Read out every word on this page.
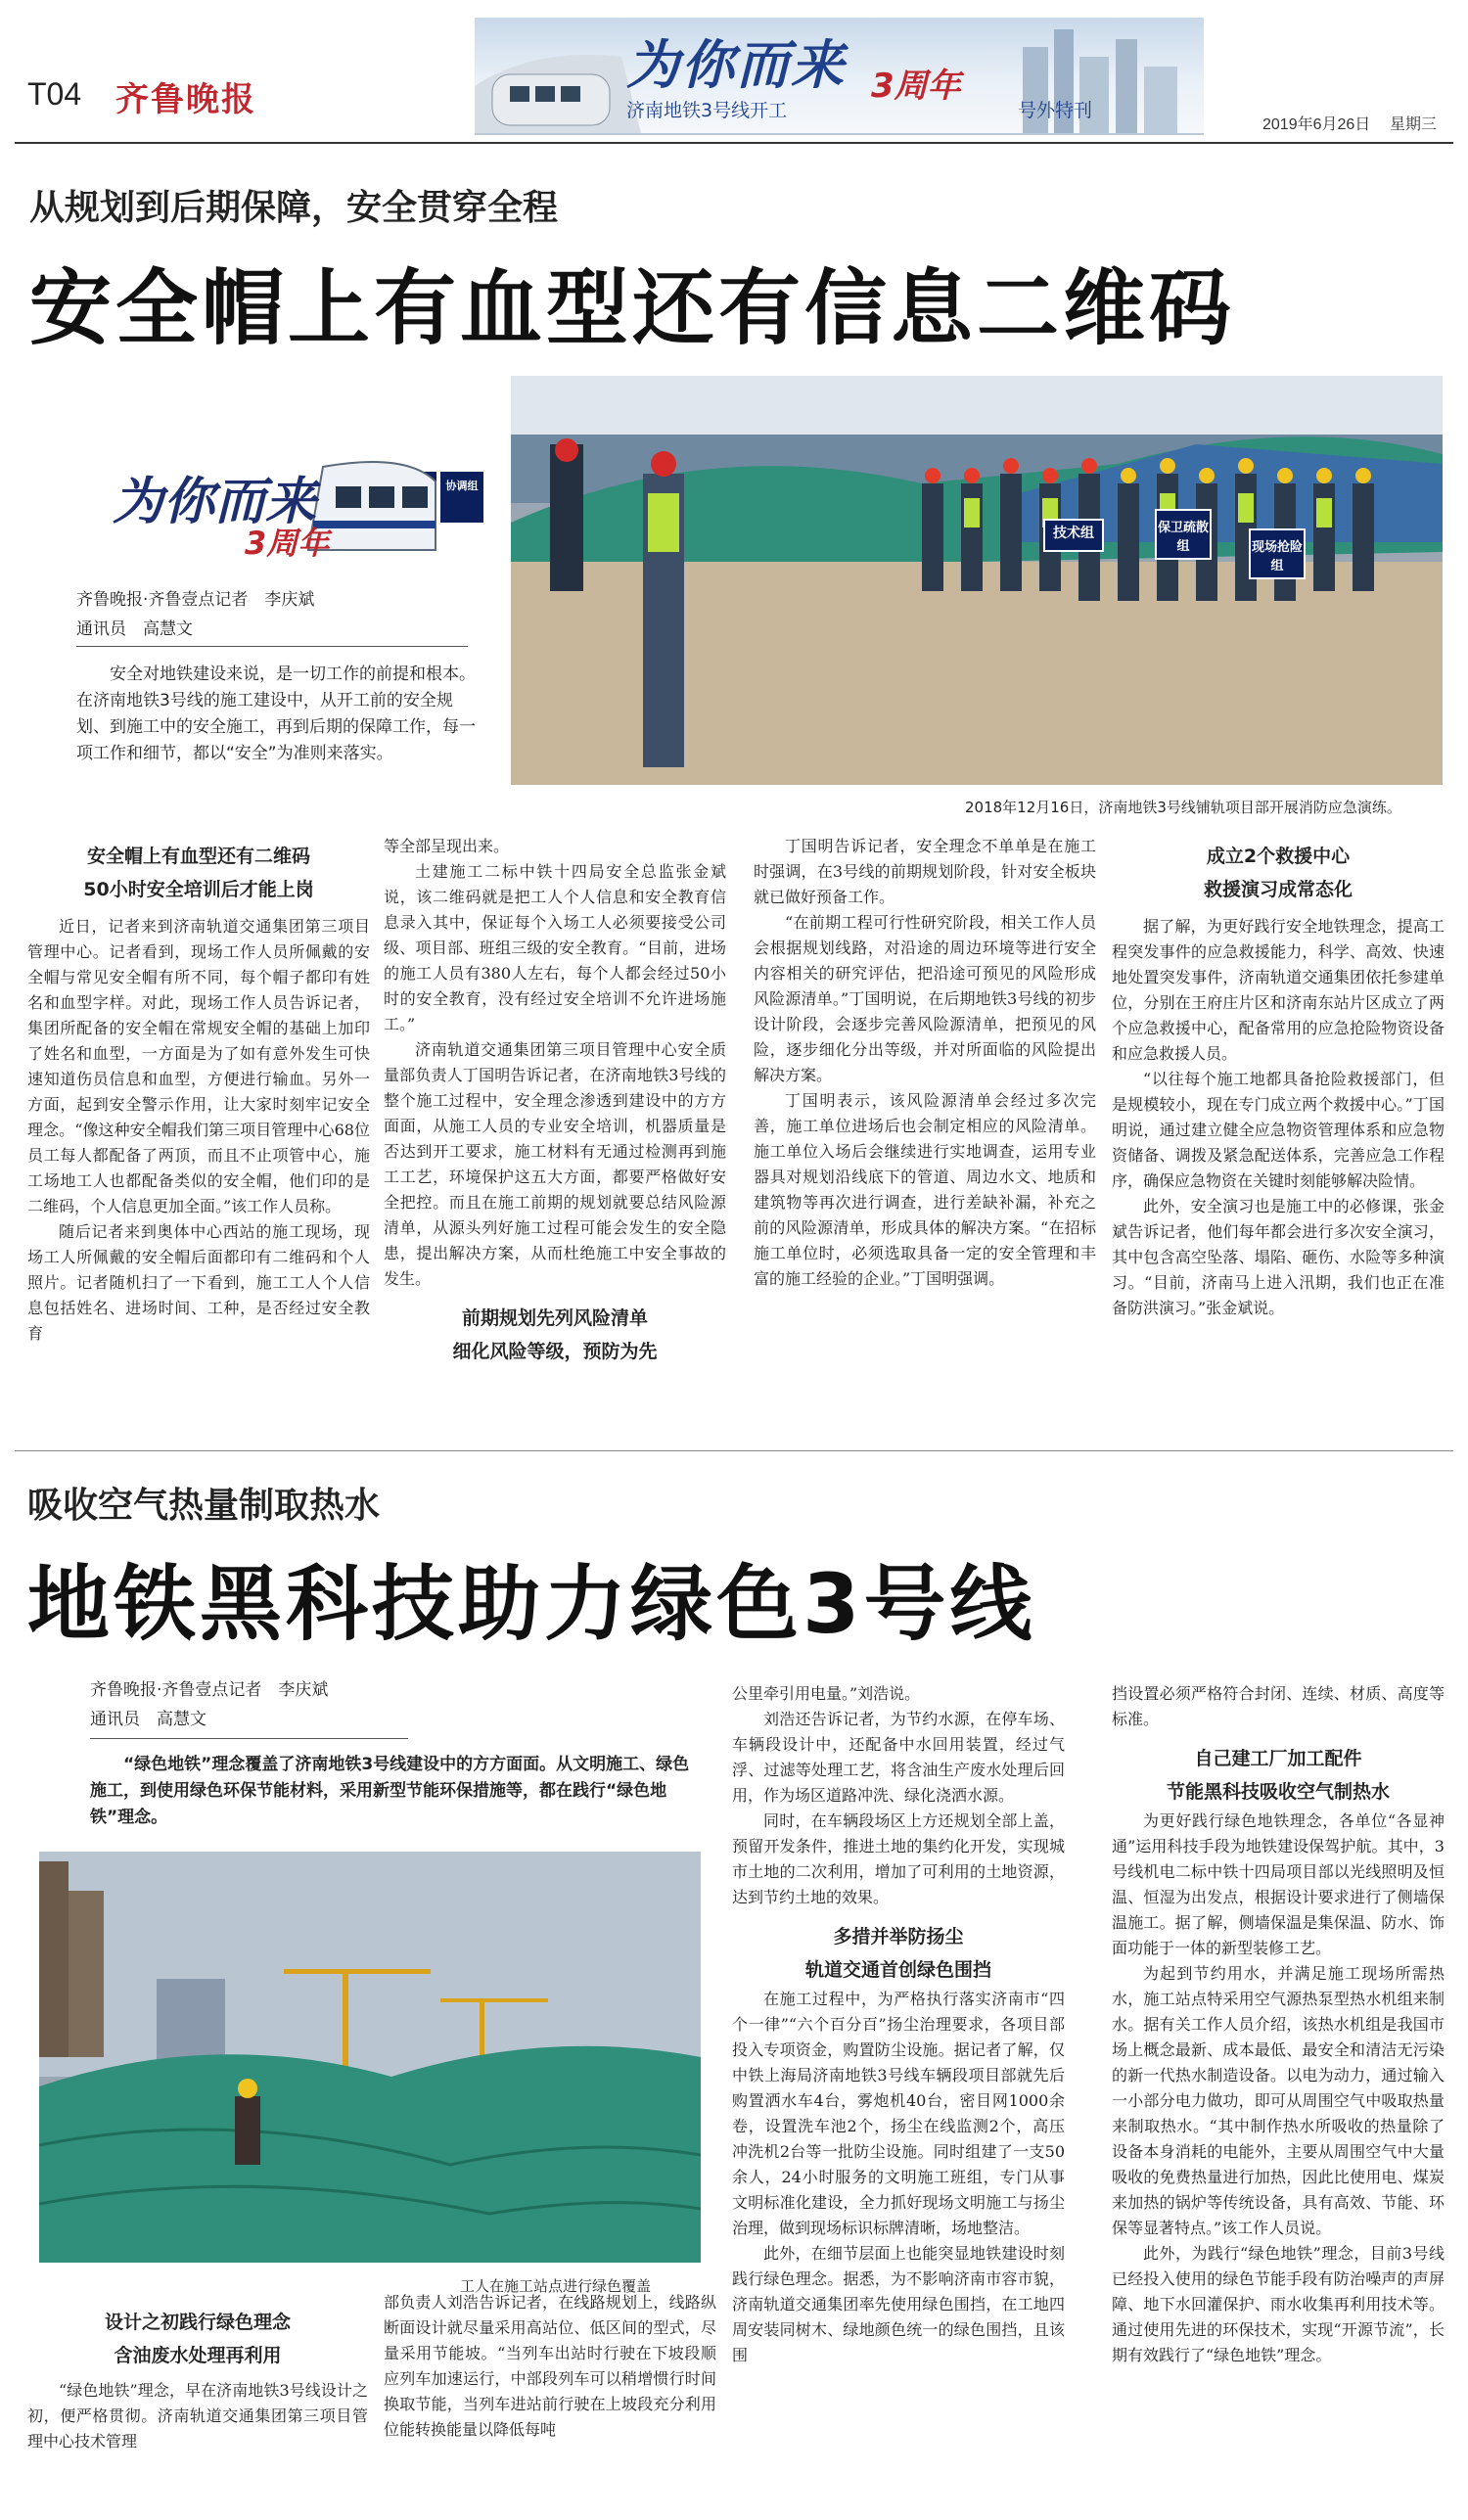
T04 齐鲁晚报
为你而来 3周年
济南地铁3号线开工	号外特刊
2019年6月26日 星期三
从规划到后期保障，安全贯穿全程
安全帽上有血型还有信息二维码
协调组
技术组	保卫疏散组	现场抢险组
2018年12月16日，济南地铁3号线铺轨项目部开展消防应急演练。
为你而来
3周年
齐鲁晚报·齐鲁壹点记者　李庆斌
通讯员　高慧文
安全对地铁建设来说，是一切工作的前提和根本。在济南地铁3号线的施工建设中，从开工前的安全规划、到施工中的安全施工，再到后期的保障工作，每一项工作和细节，都以“安全”为准则来落实。
安全帽上有血型还有二维码
50小时安全培训后才能上岗

近日，记者来到济南轨道交通集团第三项目管理中心。记者看到，现场工作人员所佩戴的安全帽与常见安全帽有所不同，每个帽子都印有姓名和血型字样。对此，现场工作人员告诉记者，集团所配备的安全帽在常规安全帽的基础上加印了姓名和血型，一方面是为了如有意外发生可快速知道伤员信息和血型，方便进行输血。另外一方面，起到安全警示作用，让大家时刻牢记安全理念。“像这种安全帽我们第三项目管理中心68位员工每人都配备了两顶，而且不止项管中心，施工场地工人也都配备类似的安全帽，他们印的是二维码，个人信息更加全面。”该工作人员称。

随后记者来到奥体中心西站的施工现场，现场工人所佩戴的安全帽后面都印有二维码和个人照片。记者随机扫了一下看到，施工工人个人信息包括姓名、进场时间、工种，是否经过安全教育

等全部呈现出来。

土建施工二标中铁十四局安全总监张金斌说，该二维码就是把工人个人信息和安全教育信息录入其中，保证每个入场工人必须要接受公司级、项目部、班组三级的安全教育。“目前，进场的施工人员有380人左右，每个人都会经过50小时的安全教育，没有经过安全培训不允许进场施工。”

济南轨道交通集团第三项目管理中心安全质量部负责人丁国明告诉记者，在济南地铁3号线的整个施工过程中，安全理念渗透到建设中的方方面面，从施工人员的专业安全培训，机器质量是否达到开工要求，施工材料有无通过检测再到施工工艺，环境保护这五大方面，都要严格做好安全把控。而且在施工前期的规划就要总结风险源清单，从源头列好施工过程可能会发生的安全隐患，提出解决方案，从而杜绝施工中安全事故的发生。

前期规划先列风险清单
细化风险等级，预防为先

丁国明告诉记者，安全理念不单单是在施工时强调，在3号线的前期规划阶段，针对安全板块就已做好预备工作。

“在前期工程可行性研究阶段，相关工作人员会根据规划线路，对沿途的周边环境等进行安全内容相关的研究评估，把沿途可预见的风险形成风险源清单。”丁国明说，在后期地铁3号线的初步设计阶段，会逐步完善风险源清单，把预见的风险，逐步细化分出等级，并对所面临的风险提出解决方案。

丁国明表示，该风险源清单会经过多次完善，施工单位进场后也会制定相应的风险清单。施工单位入场后会继续进行实地调查，运用专业器具对规划沿线底下的管道、周边水文、地质和建筑物等再次进行调查，进行差缺补漏，补充之前的风险源清单，形成具体的解决方案。“在招标施工单位时，必须选取具备一定的安全管理和丰富的施工经验的企业。”丁国明强调。

成立2个救援中心
救援演习成常态化

据了解，为更好践行安全地铁理念，提高工程突发事件的应急救援能力，科学、高效、快速地处置突发事件，济南轨道交通集团依托参建单位，分别在王府庄片区和济南东站片区成立了两个应急救援中心，配备常用的应急抢险物资设备和应急救援人员。

“以往每个施工地都具备抢险救援部门，但是规模较小，现在专门成立两个救援中心。”丁国明说，通过建立健全应急物资管理体系和应急物资储备、调拨及紧急配送体系，完善应急工作程序，确保应急物资在关键时刻能够解决险情。

此外，安全演习也是施工中的必修课，张金斌告诉记者，他们每年都会进行多次安全演习，其中包含高空坠落、塌陷、砸伤、水险等多种演习。“目前，济南马上进入汛期，我们也正在准备防洪演习。”张金斌说。

吸收空气热量制取热水
地铁黑科技助力绿色3号线
齐鲁晚报·齐鲁壹点记者　李庆斌
通讯员　高慧文
“绿色地铁”理念覆盖了济南地铁3号线建设中的方方面面。从文明施工、绿色施工，到使用绿色环保节能材料，采用新型节能环保措施等，都在践行“绿色地铁”理念。
工人在施工站点进行绿色覆盖
设计之初践行绿色理念
含油废水处理再利用

“绿色地铁”理念，早在济南地铁3号线设计之初，便严格贯彻。济南轨道交通集团第三项目管理中心技术管理

部负责人刘浩告诉记者，在线路规划上，线路纵断面设计就尽量采用高站位、低区间的型式，尽量采用节能坡。“当列车出站时行驶在下坡段顺应列车加速运行，中部段列车可以稍增惯行时间换取节能，当列车进站前行驶在上坡段充分利用位能转换能量以降低每吨
公里牵引用电量。”刘浩说。

刘浩还告诉记者，为节约水源，在停车场、车辆段设计中，还配备中水回用装置，经过气浮、过滤等处理工艺，将含油生产废水处理后回用，作为场区道路冲洗、绿化浇洒水源。

同时，在车辆段场区上方还规划全部上盖，预留开发条件，推进土地的集约化开发，实现城市土地的二次利用，增加了可利用的土地资源，达到节约土地的效果。

多措并举防扬尘
轨道交通首创绿色围挡

在施工过程中，为严格执行落实济南市“四个一律”“六个百分百”扬尘治理要求，各项目部投入专项资金，购置防尘设施。据记者了解，仅中铁上海局济南地铁3号线车辆段项目部就先后购置洒水车4台，雾炮机40台，密目网1000余卷，设置洗车池2个，扬尘在线监测2个，高压冲洗机2台等一批防尘设施。同时组建了一支50余人，24小时服务的文明施工班组，专门从事文明标准化建设，全力抓好现场文明施工与扬尘治理，做到现场标识标牌清晰，场地整洁。

此外，在细节层面上也能突显地铁建设时刻践行绿色理念。据悉，为不影响济南市容市貌，济南轨道交通集团率先使用绿色围挡，在工地四周安装同树木、绿地颜色统一的绿色围挡，且该围

挡设置必须严格符合封闭、连续、材质、高度等标准。
自己建工厂加工配件
节能黑科技吸收空气制热水

为更好践行绿色地铁理念，各单位“各显神通”运用科技手段为地铁建设保驾护航。其中，3号线机电二标中铁十四局项目部以光线照明及恒温、恒湿为出发点，根据设计要求进行了侧墙保温施工。据了解，侧墙保温是集保温、防水、饰面功能于一体的新型装修工艺。

为起到节约用水，并满足施工现场所需热水，施工站点特采用空气源热泵型热水机组来制水。据有关工作人员介绍，该热水机组是我国市场上概念最新、成本最低、最安全和清洁无污染的新一代热水制造设备。以电为动力，通过输入一小部分电力做功，即可从周围空气中吸取热量来制取热水。“其中制作热水所吸收的热量除了设备本身消耗的电能外，主要从周围空气中大量吸收的免费热量进行加热，因此比使用电、煤炭来加热的锅炉等传统设备，具有高效、节能、环保等显著特点。”该工作人员说。

此外，为践行“绿色地铁”理念，目前3号线已经投入使用的绿色节能手段有防治噪声的声屏障、地下水回灌保护、雨水收集再利用技术等。通过使用先进的环保技术，实现“开源节流”，长期有效践行了“绿色地铁”理念。
